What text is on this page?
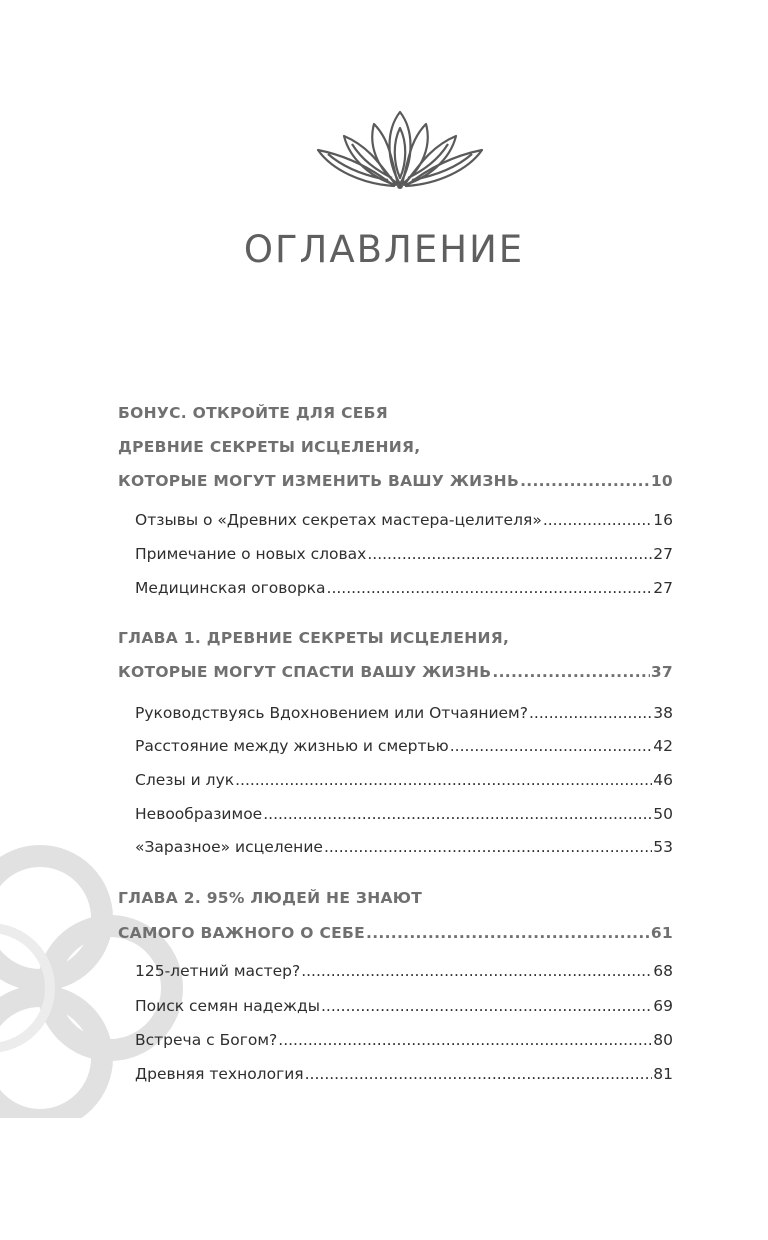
ОГЛАВЛЕНИЕ
БОНУС. ОТКРОЙТЕ ДЛЯ СЕБЯ
ДРЕВНИЕ СЕКРЕТЫ ИСЦЕЛЕНИЯ,
КОТОРЫЕ МОГУТ ИЗМЕНИТЬ ВАШУ ЖИЗНЬ .....	10
Отзывы о «Древних секретах мастера-целителя» .....	16
Примечание о новых словах .....	27
Медицинская оговорка .....	27
ГЛАВА 1. ДРЕВНИЕ СЕКРЕТЫ ИСЦЕЛЕНИЯ,
КОТОРЫЕ МОГУТ СПАСТИ ВАШУ ЖИЗНЬ .....	37
Руководствуясь Вдохновением или Отчаянием? .....	38
Расстояние между жизнью и смертью .....	42
Слезы и лук .....	46
Невообразимое .....	50
«Заразное» исцеление .....	53
ГЛАВА 2. 95% ЛЮДЕЙ НЕ ЗНАЮТ
САМОГО ВАЖНОГО О СЕБЕ .....	61
125-летний мастер? .....	68
Поиск семян надежды .....	69
Встреча с Богом? .....	80
Древняя технология .....	81
